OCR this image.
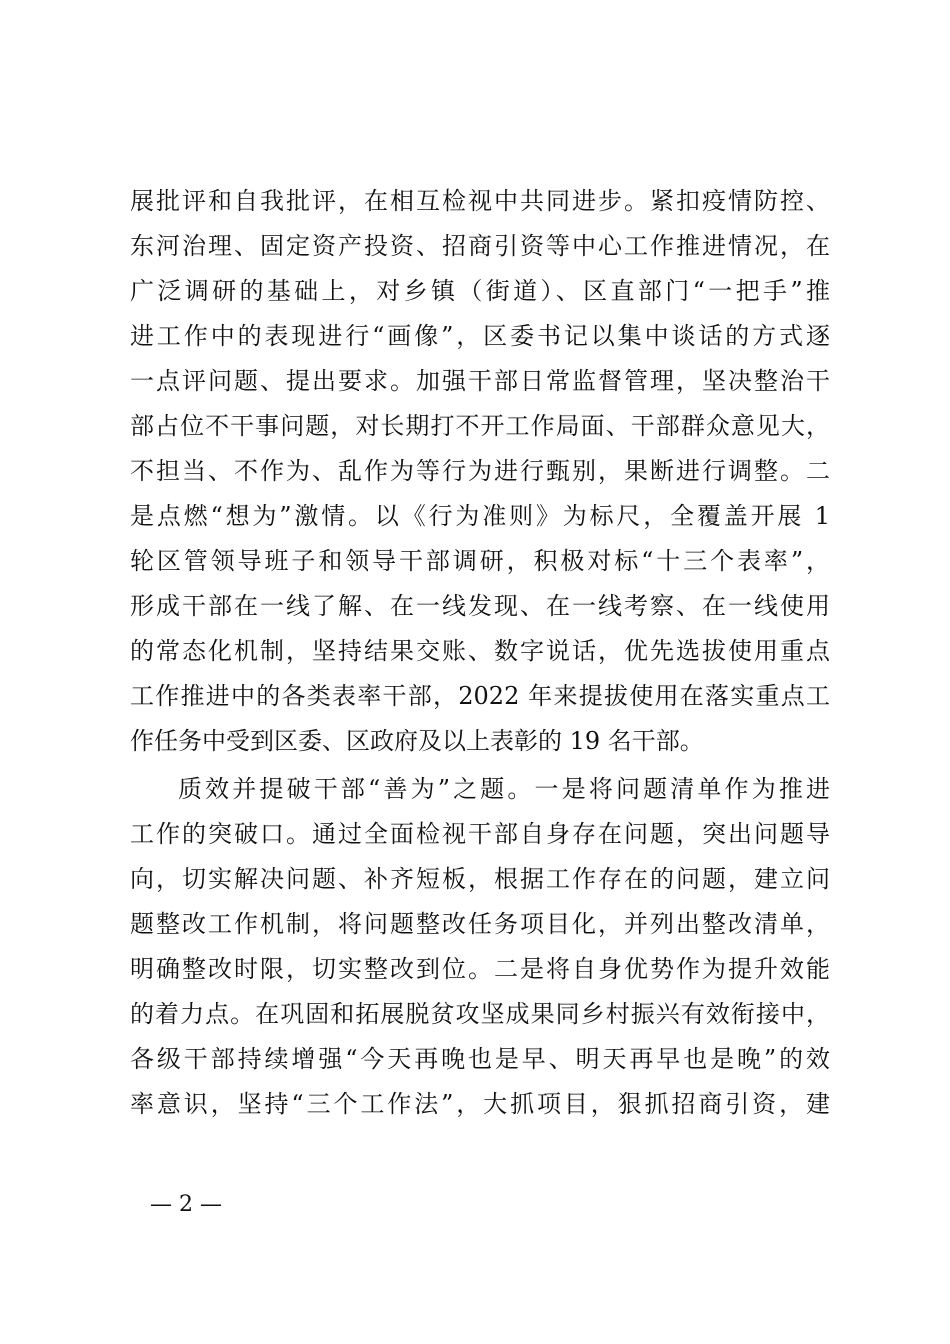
展批评和自我批评，在相互检视中共同进步。紧扣疫情防控、
东河治理、固定资产投资、招商引资等中心工作推进情况，在
广泛调研的基础上，对乡镇（街道）、区直部门“一把手”推
进工作中的表现进行“画像”，区委书记以集中谈话的方式逐
一点评问题、提出要求。加强干部日常监督管理，坚决整治干
部占位不干事问题，对长期打不开工作局面、干部群众意见大，
不担当、不作为、乱作为等行为进行甄别，果断进行调整。二
是点燃“想为”激情。以《行为准则》为标尺，全覆盖开展 1
轮区管领导班子和领导干部调研，积极对标“十三个表率”，
形成干部在一线了解、在一线发现、在一线考察、在一线使用
的常态化机制，坚持结果交账、数字说话，优先选拔使用重点
工作推进中的各类表率干部，2022 年来提拔使用在落实重点工
作任务中受到区委、区政府及以上表彰的 19 名干部。
质效并提破干部“善为”之题。一是将问题清单作为推进
工作的突破口。通过全面检视干部自身存在问题，突出问题导
向，切实解决问题、补齐短板，根据工作存在的问题，建立问
题整改工作机制，将问题整改任务项目化，并列出整改清单，
明确整改时限，切实整改到位。二是将自身优势作为提升效能
的着力点。在巩固和拓展脱贫攻坚成果同乡村振兴有效衔接中，
各级干部持续增强“今天再晚也是早、明天再早也是晚”的效
率意识，坚持“三个工作法”，大抓项目，狠抓招商引资，建
— 2 —
